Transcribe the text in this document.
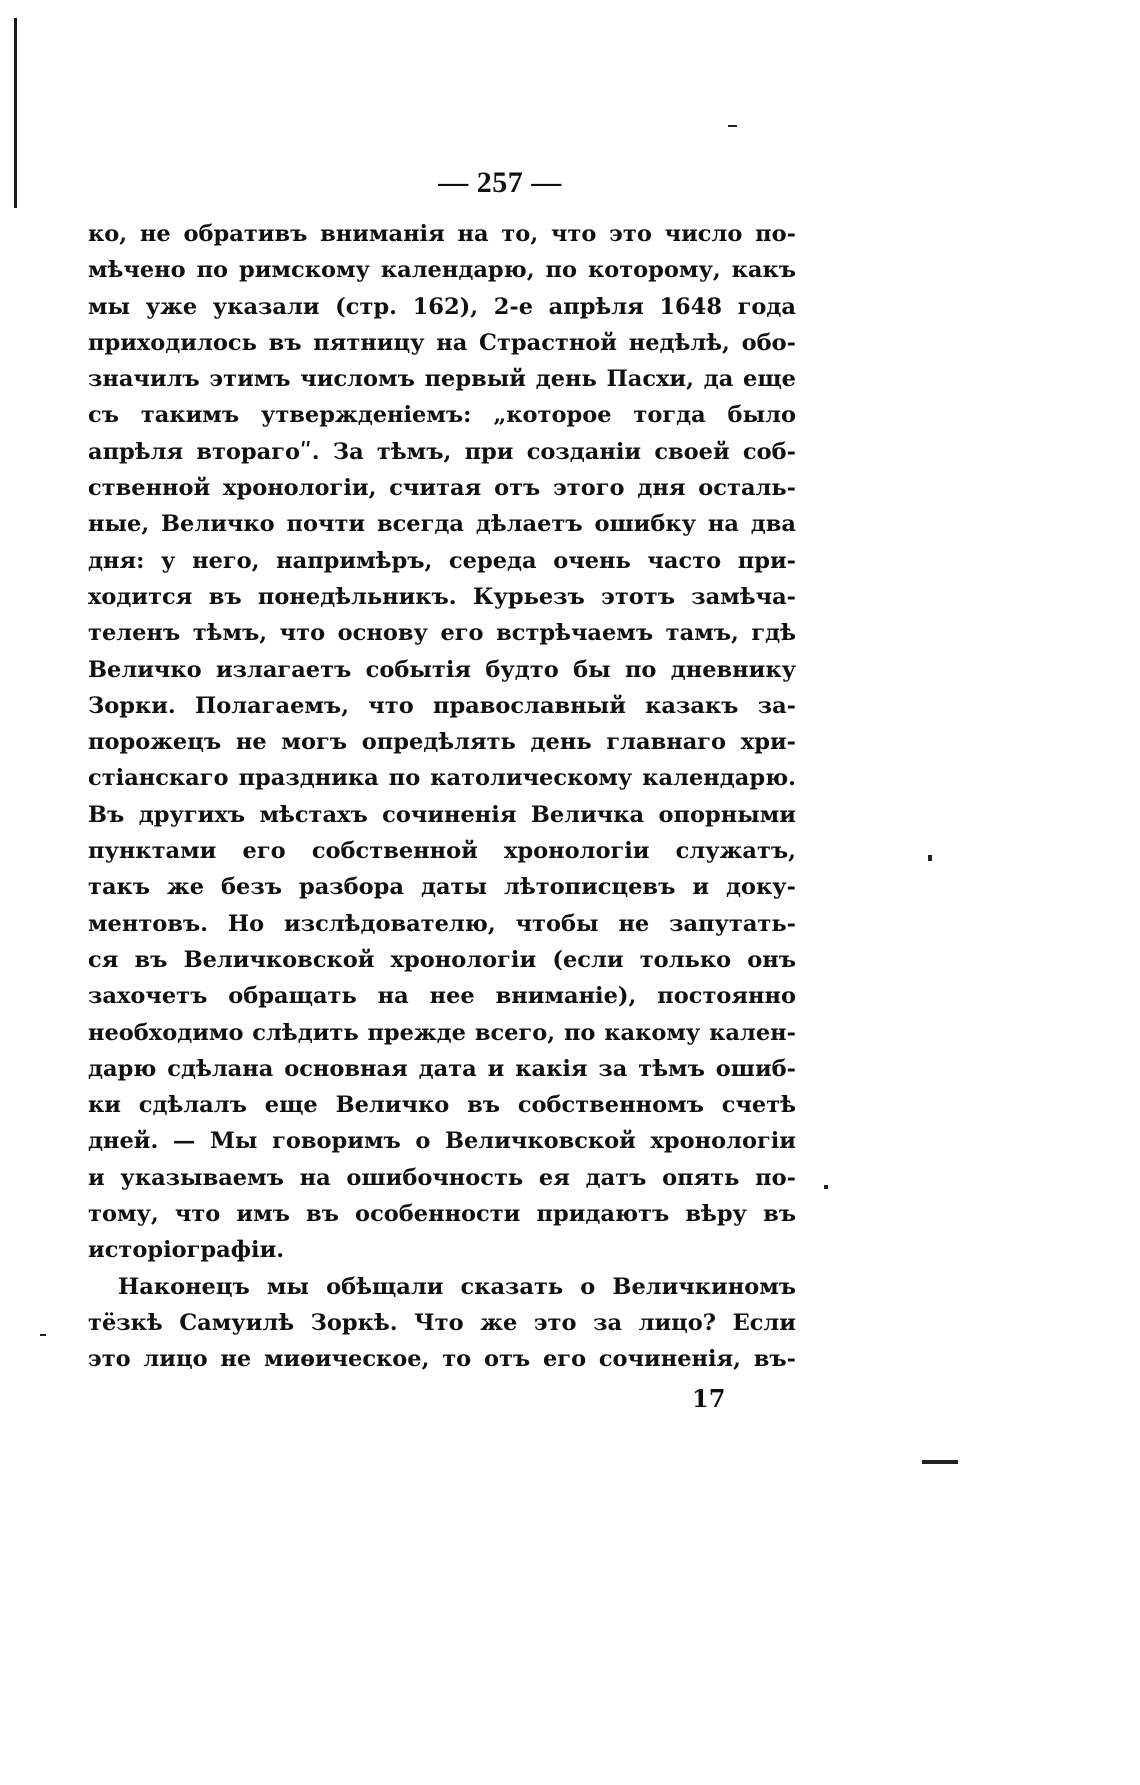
— 257 —
ко, не обративъ вниманія на то, что это число по-
мѣчено по римскому календарю, по которому, какъ
мы уже указали (стр. 162), 2-е апрѣля 1648 года
приходилось въ пятницу на Страстной недѣлѣ, обо-
значилъ этимъ числомъ первый день Пасхи, да еще
съ такимъ утвержденіемъ: „которое тогда было
апрѣля вторагоʺ. За тѣмъ, при созданіи своей соб-
ственной хронологіи, считая отъ этого дня осталь-
ные, Величко почти всегда дѣлаетъ ошибку на два
дня: у него, напримѣръ, середа очень часто при-
ходится въ понедѣльникъ. Курьезъ этотъ замѣча-
теленъ тѣмъ, что основу его встрѣчаемъ тамъ, гдѣ
Величко излагаетъ событія будто бы по дневнику
Зорки. Полагаемъ, что православный казакъ за-
порожецъ не могъ опредѣлять день главнаго хри-
стіанскаго праздника по католическому календарю.
Въ другихъ мѣстахъ сочиненія Величка опорными
пунктами его собственной хронологіи служатъ,
такъ же безъ разбора даты лѣтописцевъ и доку-
ментовъ. Но изслѣдователю, чтобы не запутать-
ся въ Величковской хронологіи (если только онъ
захочетъ обращать на нее вниманіе), постоянно
необходимо слѣдить прежде всего, по какому кален-
дарю сдѣлана основная дата и какія за тѣмъ ошиб-
ки сдѣлалъ еще Величко въ собственномъ счетѣ
дней. — Мы говоримъ о Величковской хронологіи
и указываемъ на ошибочность ея датъ опять по-
тому, что имъ въ особенности придаютъ вѣру въ
исторіографіи.
Наконецъ мы обѣщали сказать о Величкиномъ
тёзкѣ Самуилѣ Зоркѣ. Что же это за лицо? Если
это лицо не миѳическое, то отъ его сочиненія, въ-
17
